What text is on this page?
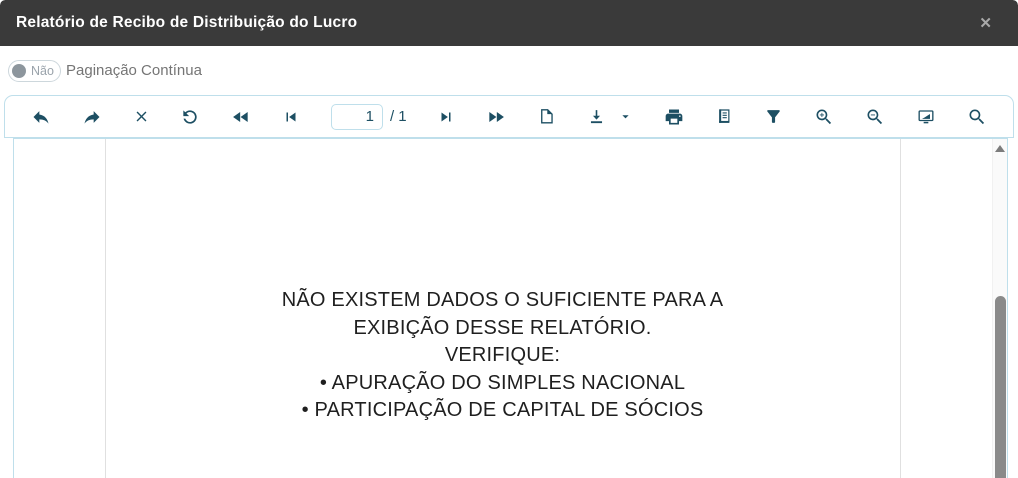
Relatório de Recibo de Distribuição do Lucro	✕
Não Paginação Contínua
1
/ 1
NÃO EXISTEM DADOS O SUFICIENTE PARA A
EXIBIÇÃO DESSE RELATÓRIO.
VERIFIQUE:
• APURAÇÃO DO SIMPLES NACIONAL
• PARTICIPAÇÃO DE CAPITAL DE SÓCIOS
